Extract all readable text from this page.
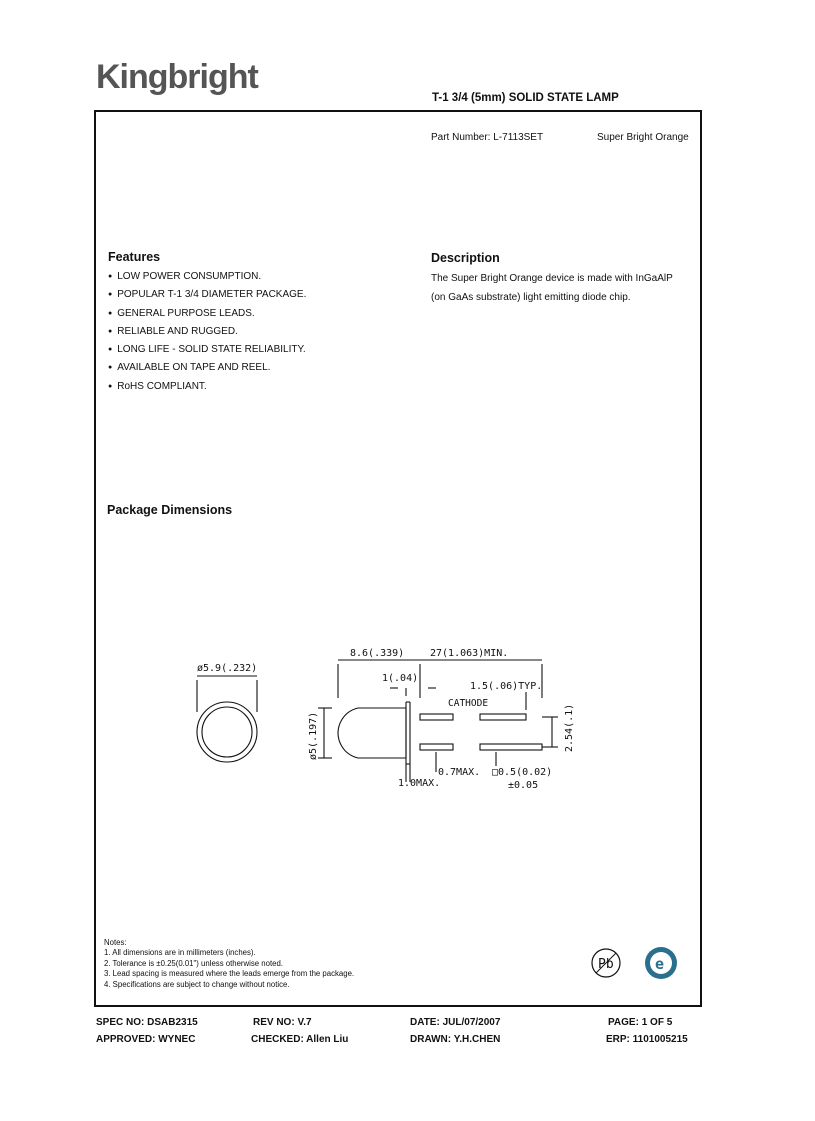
Kingbright
T-1 3/4 (5mm) SOLID STATE LAMP
Part Number: L-7113SET	Super Bright Orange
Features
● LOW POWER CONSUMPTION.
● POPULAR T-1 3/4 DIAMETER PACKAGE.
● GENERAL PURPOSE LEADS.
● RELIABLE AND RUGGED.
● LONG LIFE - SOLID STATE RELIABILITY.
● AVAILABLE ON TAPE AND REEL.
● RoHS COMPLIANT.
Description
The Super Bright Orange device is made with InGaAlP
(on GaAs substrate) light emitting diode chip.
Package Dimensions
ø5.9(.232)
8.6(.339)	27(1.063)MIN.
1(.04)
1.5(.06)TYP.
CATHODE
ø5(.197)	2.54(.1)
0.7MAX. □0.5(0.02)
±0.05
1.0MAX.
Notes:
1. All dimensions are in millimeters (inches).
2. Tolerance is ±0.25(0.01") unless otherwise noted.
3. Lead spacing is measured where the leads emerge from the package.
4. Specifications are subject to change without notice.
Pb	e
SPEC NO: DSAB2315	REV NO: V.7	DATE: JUL/07/2007	PAGE: 1 OF 5
APPROVED: WYNEC	CHECKED: Allen Liu	DRAWN: Y.H.CHEN	ERP: 1101005215
